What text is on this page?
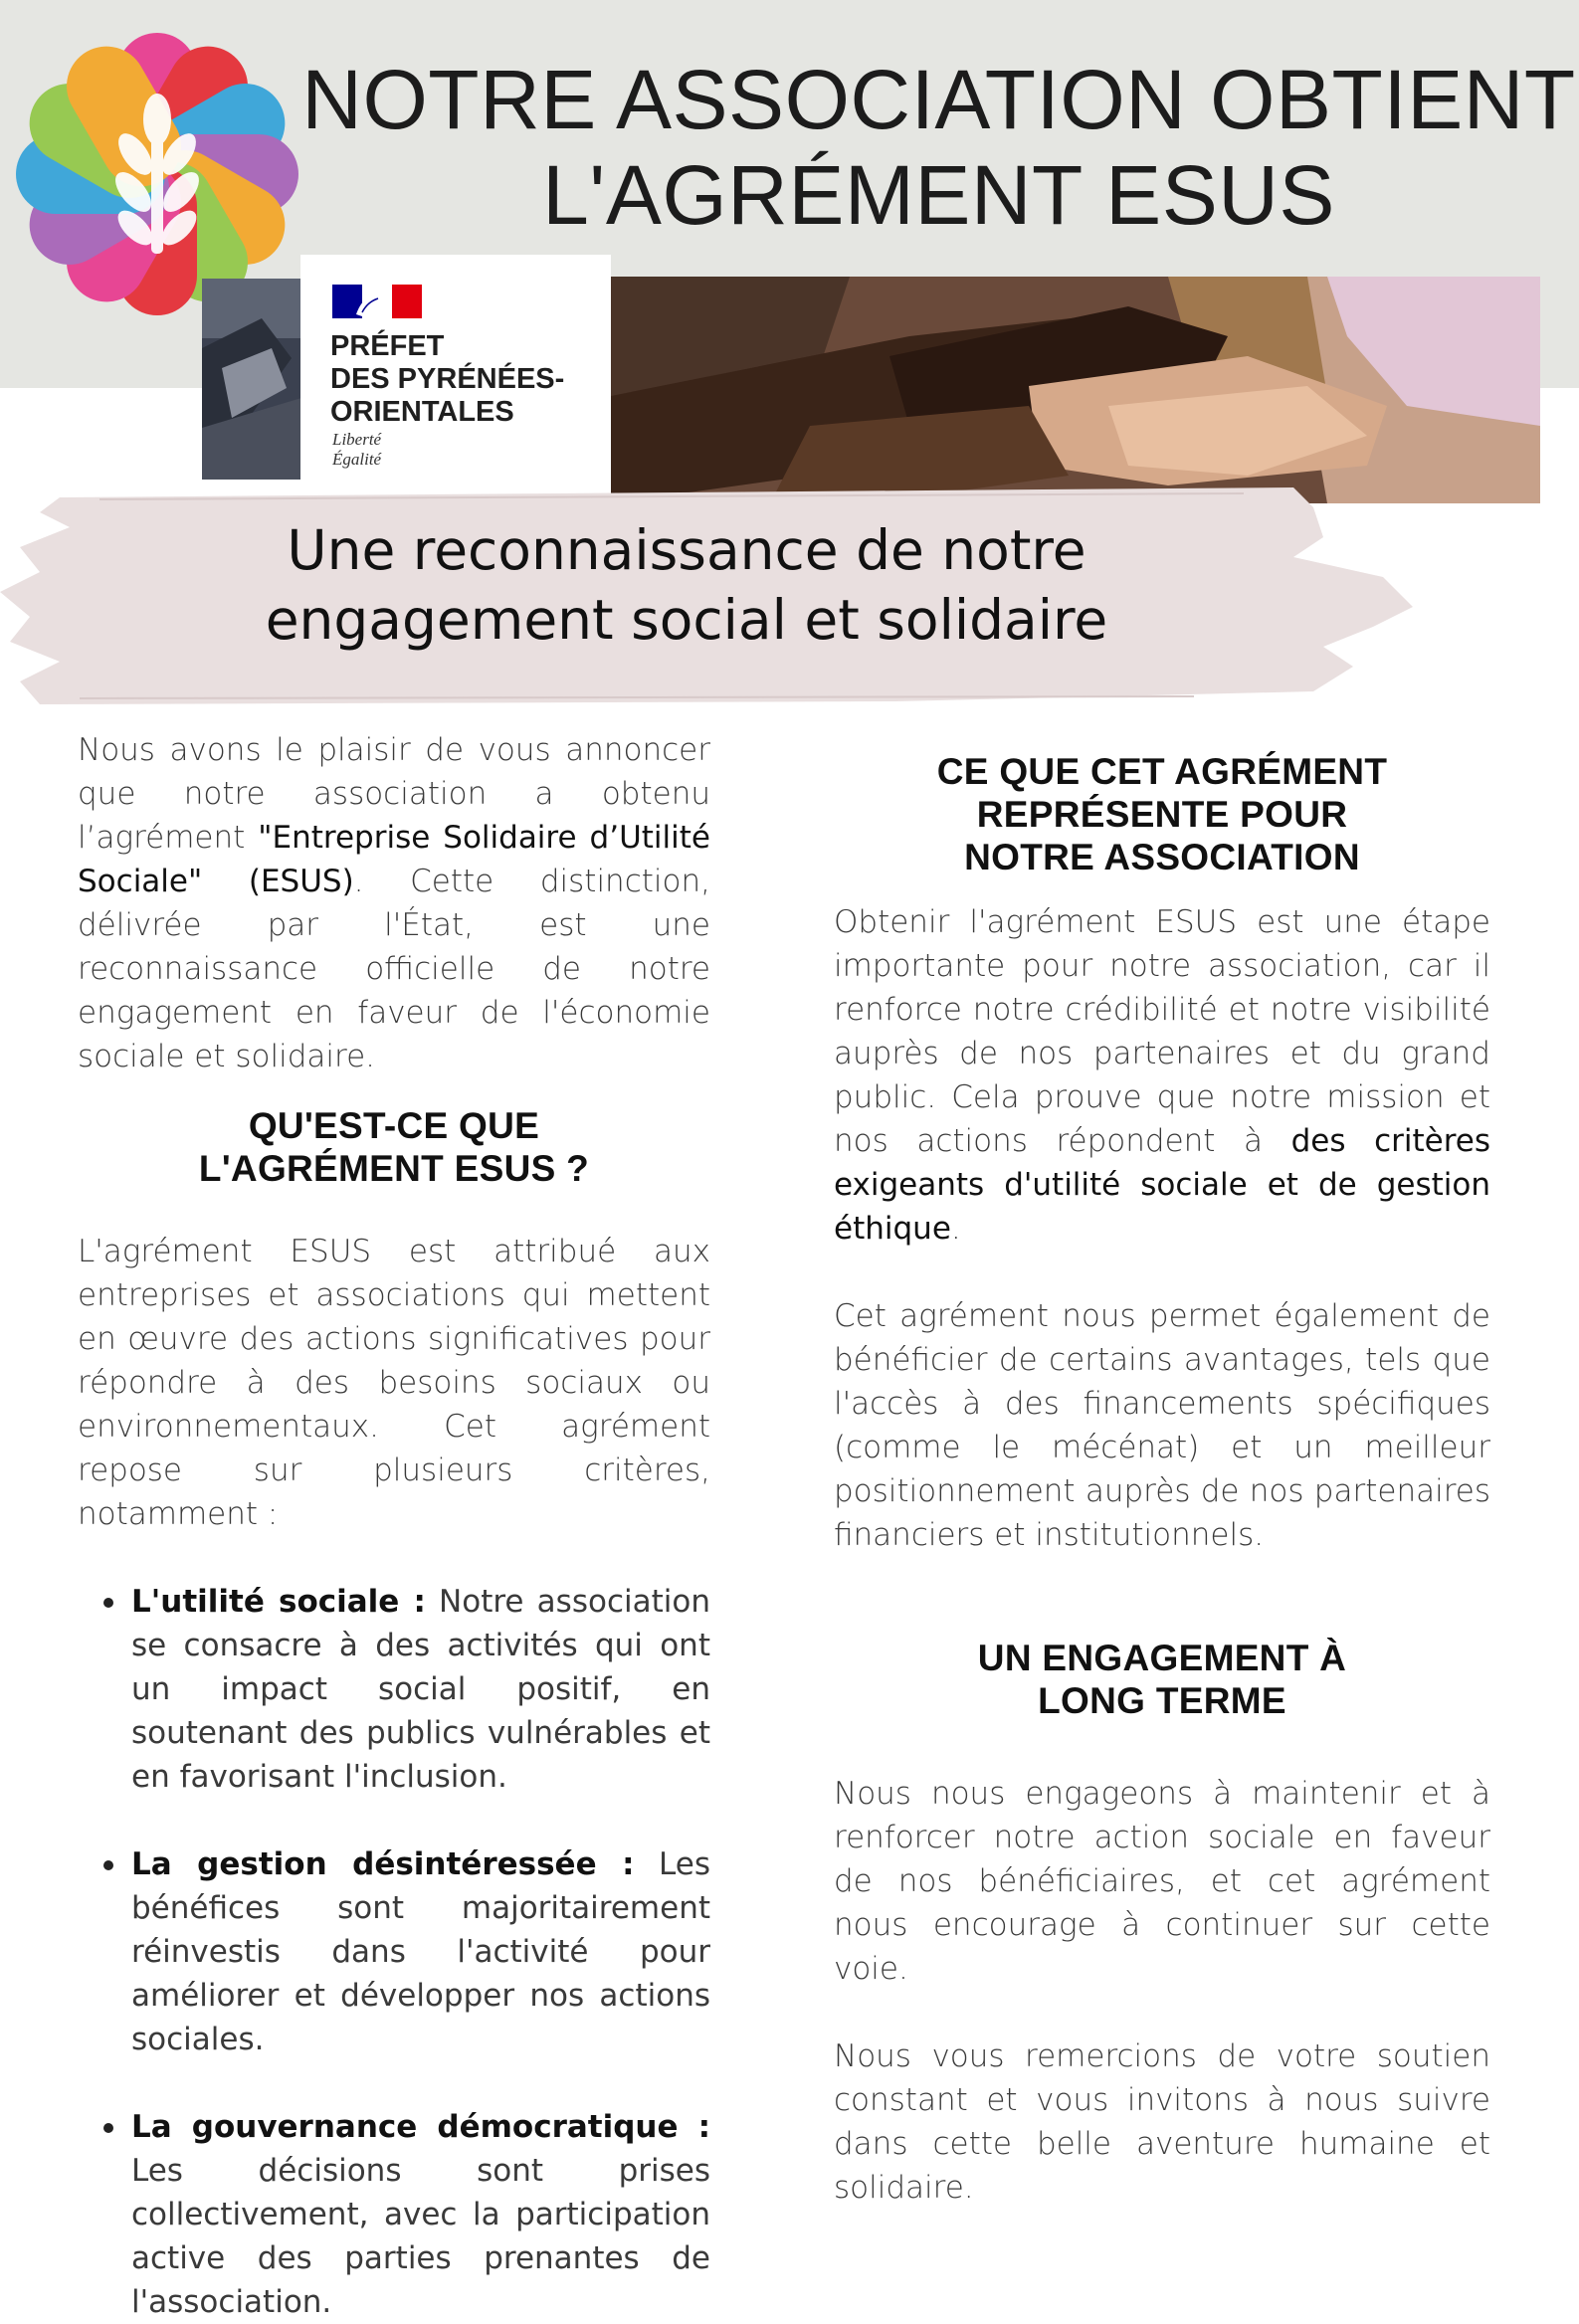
NOTRE ASSOCIATION OBTIENT
L'AGRÉMENT ESUS
PRÉFET
DES PYRÉNÉES-
ORIENTALES
Liberté
Égalité
Une reconnaissance de notre
engagement social et solidaire

Nous avons le plaisir de vous annoncer que notre association a obtenu l’agrément "Entreprise Solidaire d’Utilité Sociale" (ESUS). Cette distinction, délivrée par l'État, est une reconnaissance officielle de notre engagement en faveur de l'économie sociale et solidaire.

QU'EST-CE QUE
L'AGRÉMENT ESUS ?

L'agrément ESUS est attribué aux entreprises et associations qui mettent en œuvre des actions significatives pour répondre à des besoins sociaux ou environnementaux. Cet agrément repose sur plusieurs critères, notamment :

L'utilité sociale : Notre association se consacre à des activités qui ont un impact social positif, en soutenant des publics vulnérables et en favorisant l'inclusion.
La gestion désintéressée : Les bénéfices sont majoritairement réinvestis dans l'activité pour améliorer et développer nos actions sociales.
La gouvernance démocratique : Les décisions sont prises collectivement, avec la participation active des parties prenantes de l'association.
CE QUE CET AGRÉMENT
REPRÉSENTE POUR
NOTRE ASSOCIATION

Obtenir l'agrément ESUS est une étape importante pour notre association, car il renforce notre crédibilité et notre visibilité auprès de nos partenaires et du grand public. Cela prouve que notre mission et nos actions répondent à des critères exigeants d'utilité sociale et de gestion éthique.

Cet agrément nous permet également de bénéficier de certains avantages, tels que l'accès à des financements spécifiques (comme le mécénat) et un meilleur positionnement auprès de nos partenaires financiers et institutionnels.

UN ENGAGEMENT À
LONG TERME

Nous nous engageons à maintenir et à renforcer notre action sociale en faveur de nos bénéficiaires, et cet agrément nous encourage à continuer sur cette voie.

Nous vous remercions de votre soutien constant et vous invitons à nous suivre dans cette belle aventure humaine et solidaire.
